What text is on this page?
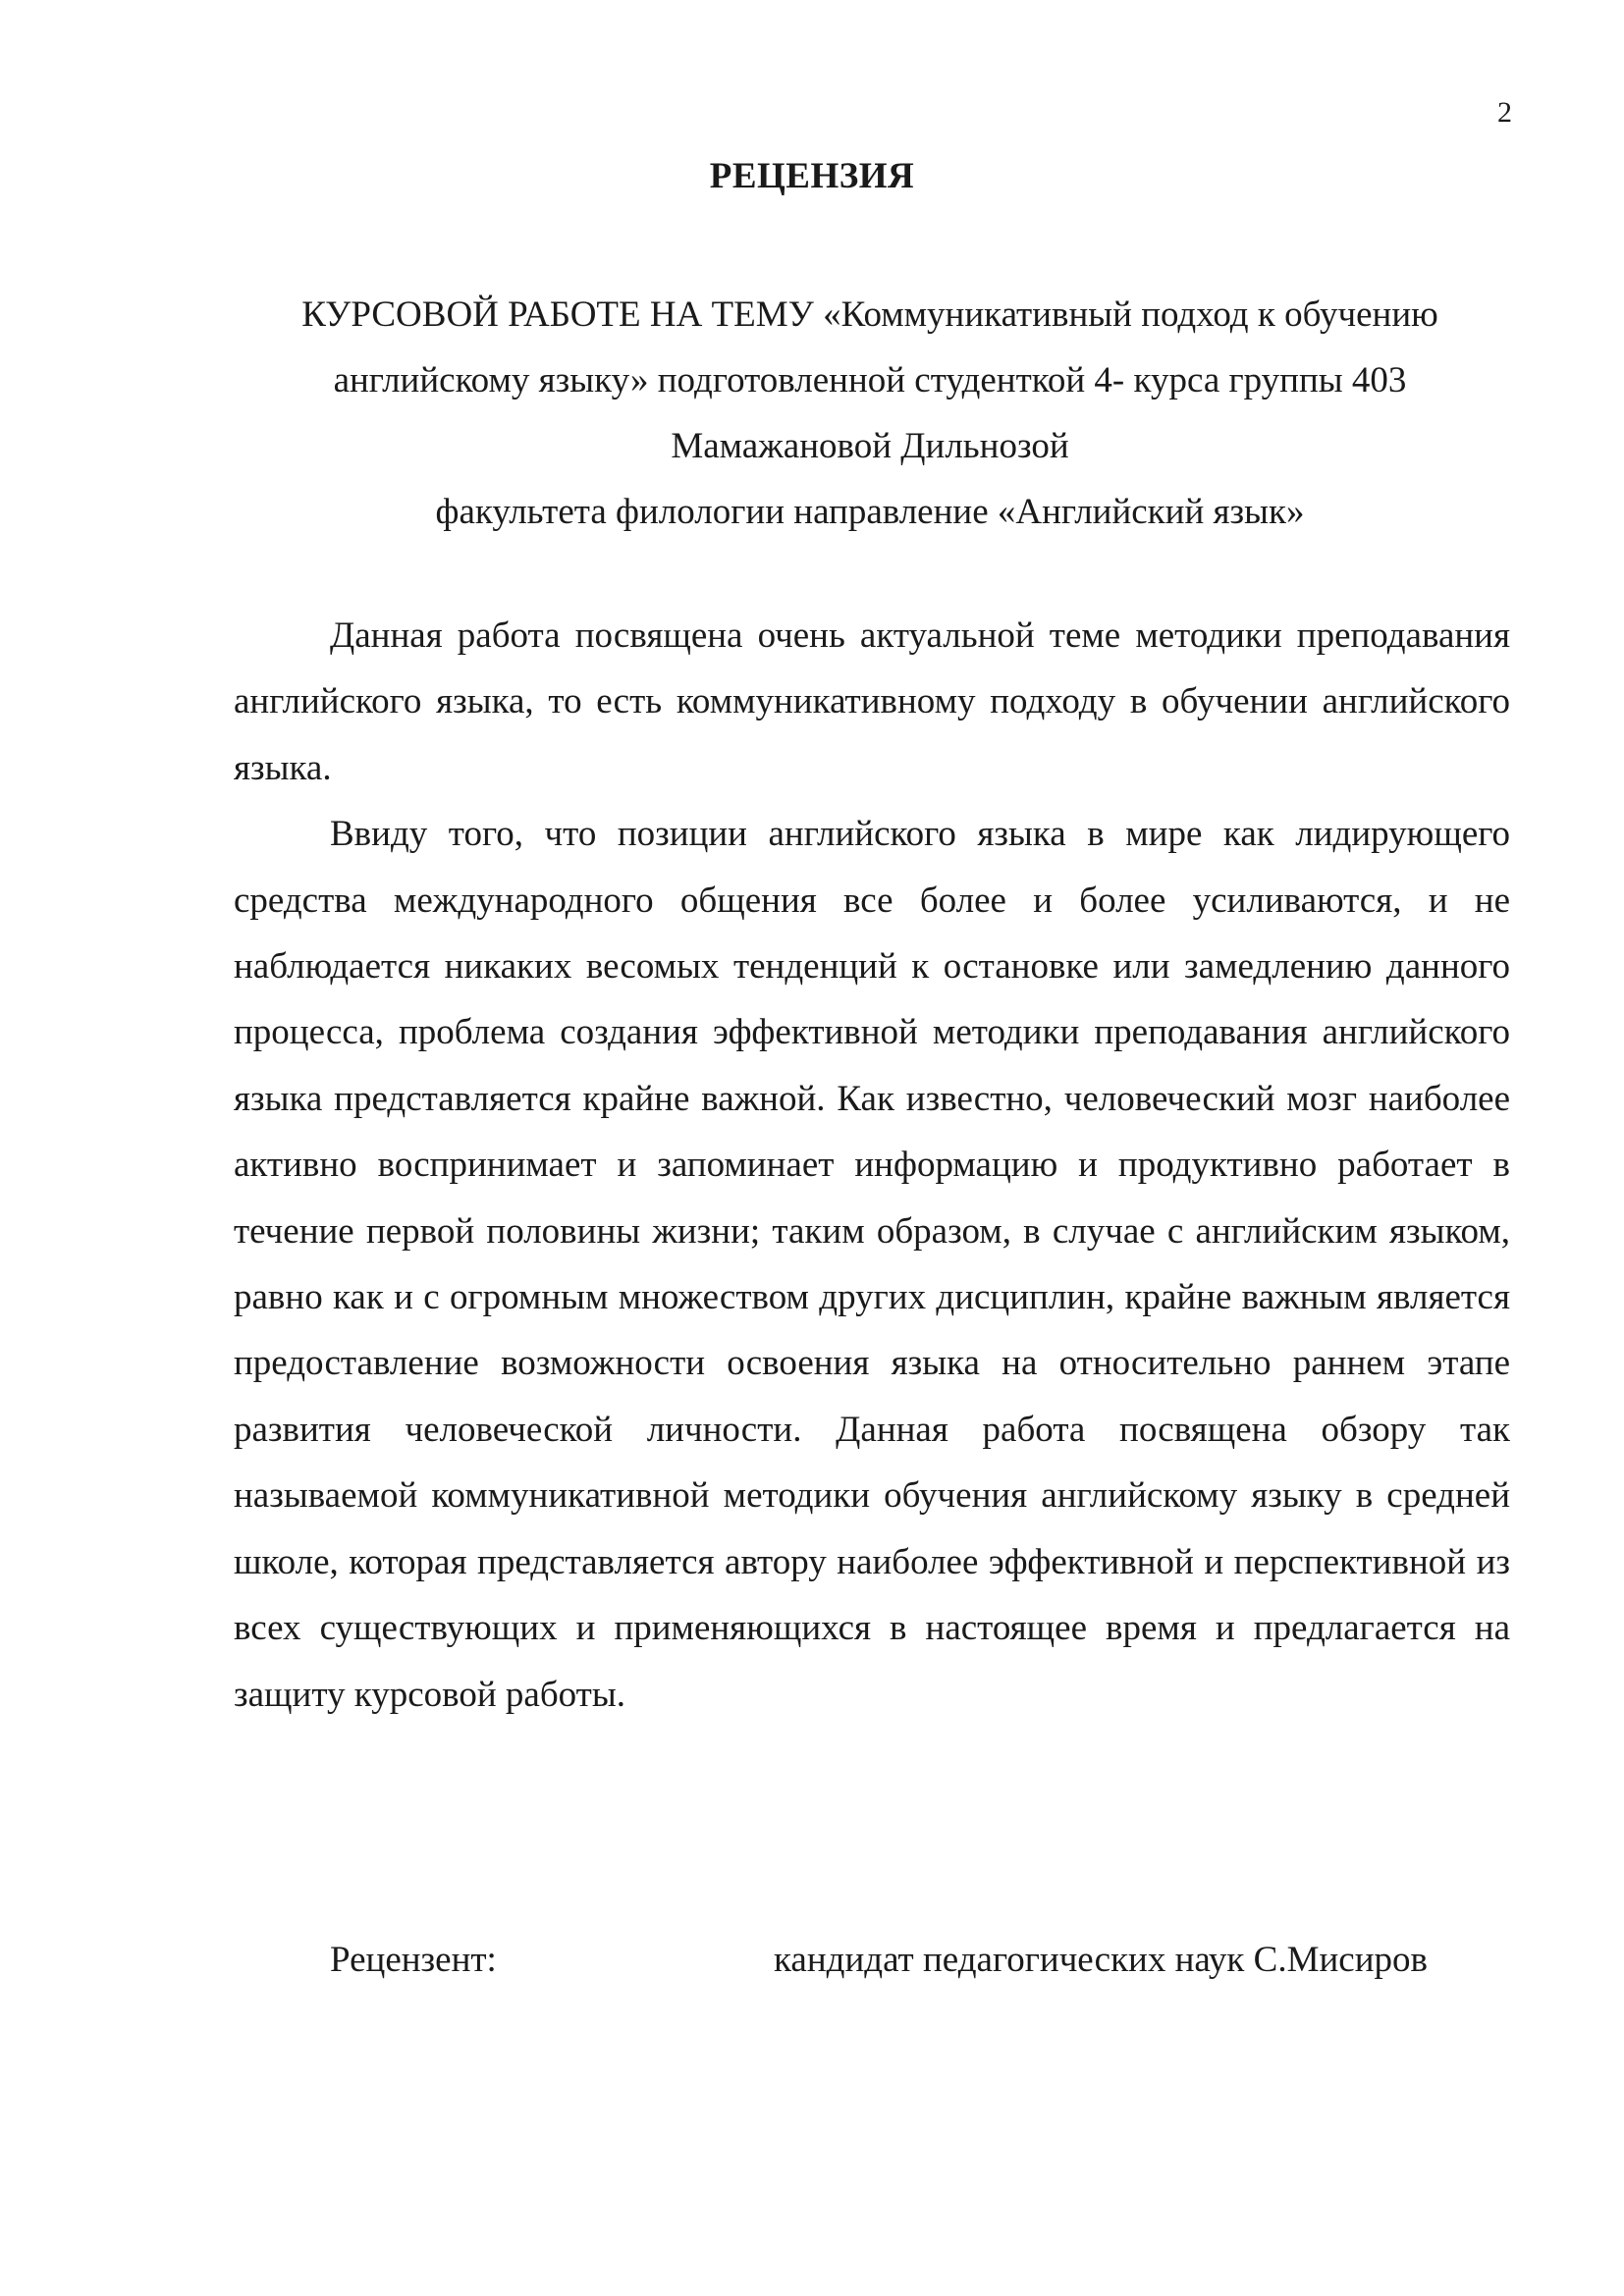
2
РЕЦЕНЗИЯ
КУРСОВОЙ РАБОТЕ НА ТЕМУ «Коммуникативный подход к обучению
английскому языку» подготовленной студенткой 4- курса группы 403
Мамажановой Дильнозой
факультета филологии направление «Английский язык»

Данная работа посвящена очень актуальной теме методики преподавания английского языка, то есть коммуникативному подходу в обучении английского языка.

Ввиду того, что позиции английского языка в мире как лидирующего средства международного общения все более и более усиливаются, и не наблюдается никаких весомых тенденций к остановке или замедлению данного процесса, проблема создания эффективной методики преподавания английского языка представляется крайне важной. Как известно, человеческий мозг наиболее активно воспринимает и запоминает информацию и продуктивно работает в течение первой половины жизни; таким образом, в случае с английским языком, равно как и с огромным множеством других дисциплин, крайне важным является предоставление возможности освоения языка на относительно раннем этапе развития человеческой личности. Данная работа посвящена обзору так называемой коммуникативной методики обучения английскому языку в средней школе, которая представляется автору наиболее эффективной и перспективной из всех существующих и применяющихся в настоящее время и предлагается на защиту курсовой работы.

Рецензент:	кандидат педагогических наук С.Мисиров
